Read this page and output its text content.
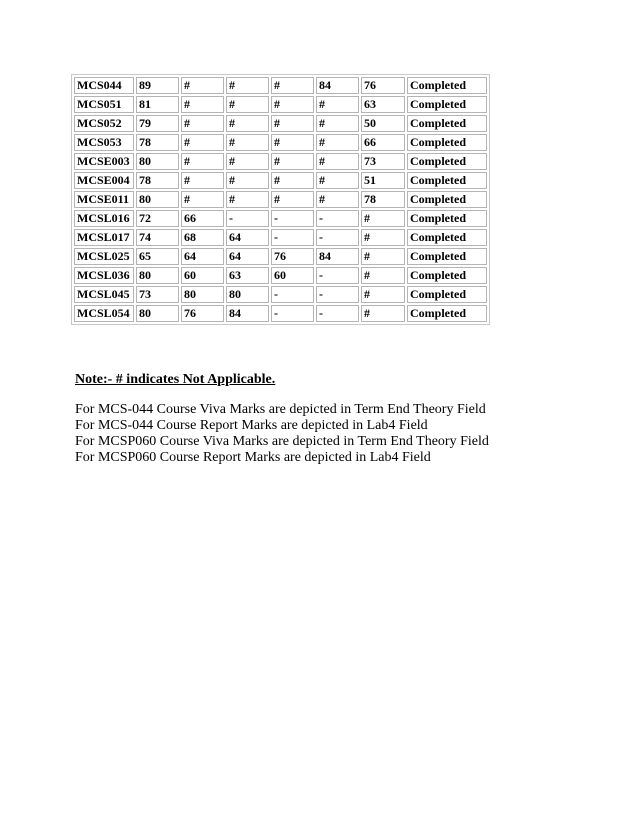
MCS044	89	#	#	#	84	76	Completed
MCS051	81	#	#	#	#	63	Completed
MCS052	79	#	#	#	#	50	Completed
MCS053	78	#	#	#	#	66	Completed
MCSE003	80	#	#	#	#	73	Completed
MCSE004	78	#	#	#	#	51	Completed
MCSE011	80	#	#	#	#	78	Completed
MCSL016	72	66	-	-	-	#	Completed
MCSL017	74	68	64	-	-	#	Completed
MCSL025	65	64	64	76	84	#	Completed
MCSL036	80	60	63	60	-	#	Completed
MCSL045	73	80	80	-	-	#	Completed
MCSL054	80	76	84	-	-	#	Completed

Note:- # indicates Not Applicable.

For MCS-044 Course Viva Marks are depicted in Term End Theory Field
For MCS-044 Course Report Marks are depicted in Lab4 Field
For MCSP060 Course Viva Marks are depicted in Term End Theory Field
For MCSP060 Course Report Marks are depicted in Lab4 Field
